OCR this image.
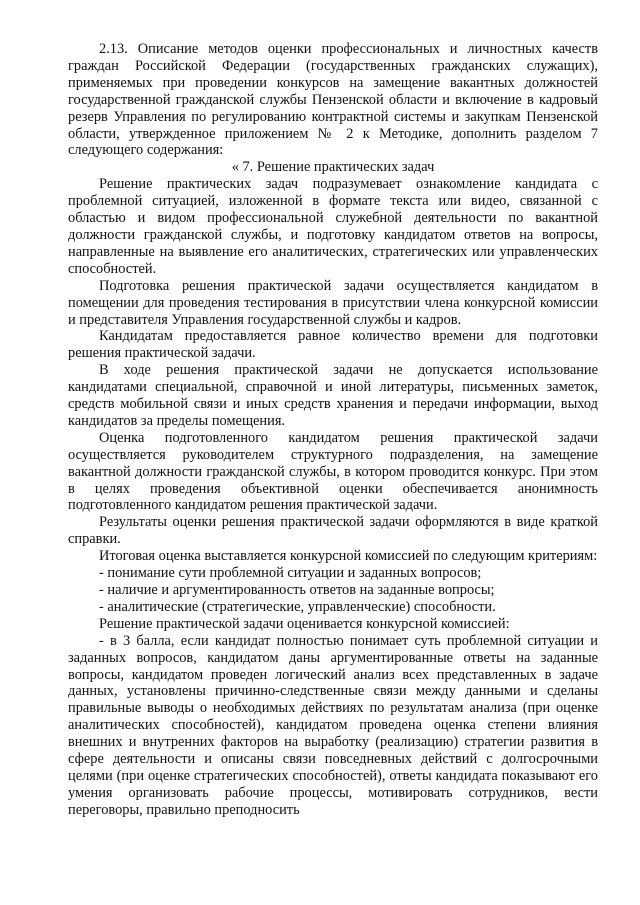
2.13. Описание методов оценки профессиональных и личностных качеств граждан Российской Федерации (государственных гражданских служащих), применяемых при проведении конкурсов на замещение вакантных должностей государственной гражданской службы Пензенской области и включение в кадровый резерв Управления по регулированию контрактной системы и закупкам Пензенской области, утвержденное приложением № 2 к Методике, дополнить разделом 7 следующего содержания:

« 7. Решение практических задач

Решение практических задач подразумевает ознакомление кандидата с проблемной ситуацией, изложенной в формате текста или видео, связанной с областью и видом профессиональной служебной деятельности по вакантной должности гражданской службы, и подготовку кандидатом ответов на вопросы, направленные на выявление его аналитических, стратегических или управленческих способностей.

Подготовка решения практической задачи осуществляется кандидатом в помещении для проведения тестирования в присутствии члена конкурсной комиссии и представителя Управления государственной службы и кадров.

Кандидатам предоставляется равное количество времени для подготовки решения практической задачи.

В ходе решения практической задачи не допускается использование кандидатами специальной, справочной и иной литературы, письменных заметок, средств мобильной связи и иных средств хранения и передачи информации, выход кандидатов за пределы помещения.

Оценка подготовленного кандидатом решения практической задачи осуществляется руководителем структурного подразделения, на замещение вакантной должности гражданской службы, в котором проводится конкурс. При этом в целях проведения объективной оценки обеспечивается анонимность подготовленного кандидатом решения практической задачи.

Результаты оценки решения практической задачи оформляются в виде краткой справки.

Итоговая оценка выставляется конкурсной комиссией по следующим критериям:

- понимание сути проблемной ситуации и заданных вопросов;

- наличие и аргументированность ответов на заданные вопросы;

- аналитические (стратегические, управленческие) способности.

Решение практической задачи оценивается конкурсной комиссией:

- в 3 балла, если кандидат полностью понимает суть проблемной ситуации и заданных вопросов, кандидатом даны аргументированные ответы на заданные вопросы, кандидатом проведен логический анализ всех представленных в задаче данных, установлены причинно-следственные связи между данными и сделаны правильные выводы о необходимых действиях по результатам анализа (при оценке аналитических способностей), кандидатом проведена оценка степени влияния внешних и внутренних факторов на выработку (реализацию) стратегии развития в сфере деятельности и описаны связи повседневных действий с долгосрочными целями (при оценке стратегических способностей), ответы кандидата показывают его умения организовать рабочие процессы, мотивировать сотрудников, вести переговоры, правильно преподносить
